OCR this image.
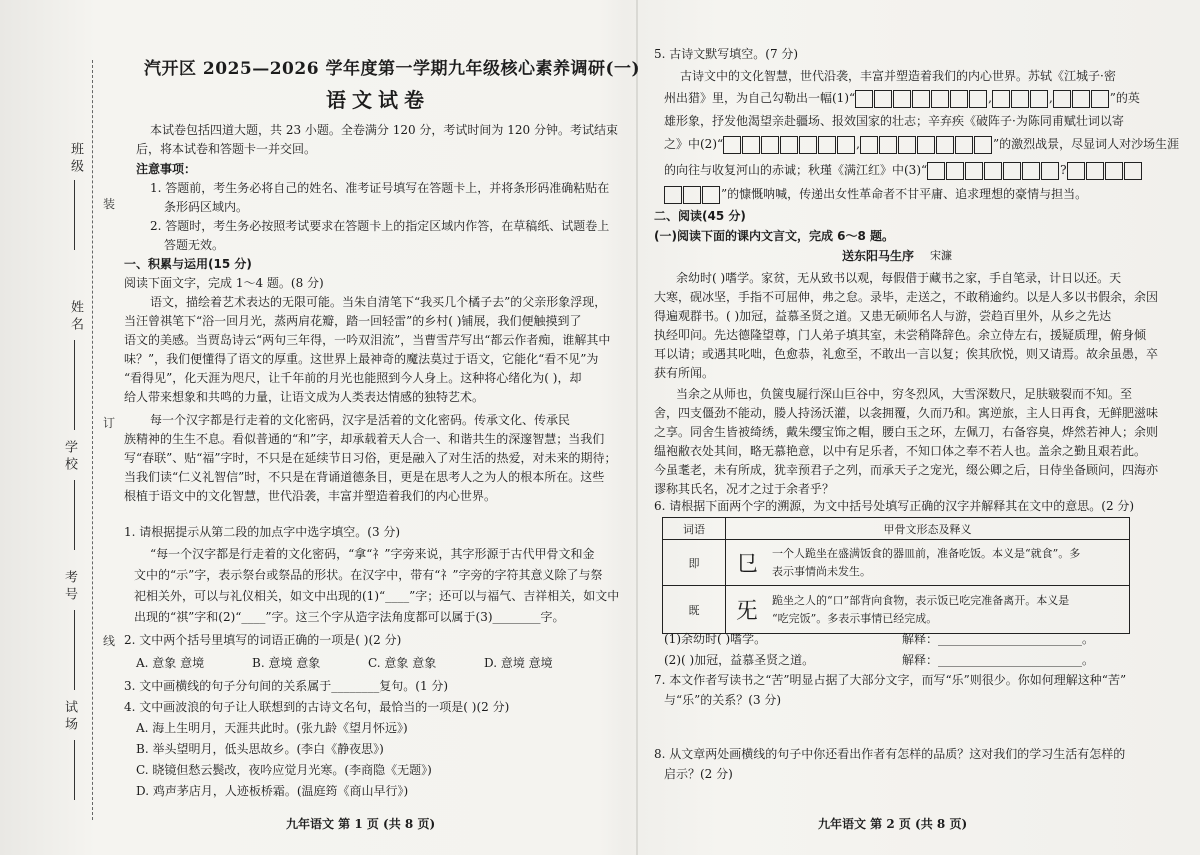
班级
姓名
学校
考号
试场
装
订
线
汽开区 2025—2026 学年度第一学期九年级核心素养调研(一)
语文试卷
本试卷包括四道大题，共 23 小题。全卷满分 120 分，考试时间为 120 分钟。考试结束
后，将本试卷和答题卡一并交回。
注意事项：
1. 答题前，考生务必将自己的姓名、准考证号填写在答题卡上，并将条形码准确粘贴在
条形码区域内。
2. 答题时，考生务必按照考试要求在答题卡上的指定区域内作答，在草稿纸、试题卷上
答题无效。
一、积累与运用(15 分)
阅读下面文字，完成 1～4 题。(8 分)
语文，描绘着艺术表达的无限可能。当朱自清笔下“我买几个橘子去”的父亲形象浮现，
当汪曾祺笔下“浴一回月光，蒸两肩花瓣，踏一回轻雷”的乡村( )铺展，我们便触摸到了
语文的美感。当贾岛诗云“两句三年得，一吟双泪流”，当曹雪芹写出“都云作者痴，谁解其中
味？”，我们便懂得了语文的厚重。这世界上最神奇的魔法莫过于语文，它能化“看不见”为
“看得见”，化天涯为咫尺，让千年前的月光也能照到今人身上。这种将心绪化为( )，却
给人带来想象和共鸣的力量，让语文成为人类表达情感的独特艺术。
每一个汉字都是行走着的文化密码，汉字是活着的文化密码。传承文化、传承民
族精神的生生不息。看似普通的“和”字，却承载着天人合一、和谐共生的深邃智慧；当我们
写“春联”、贴“福”字时，不只是在延续节日习俗，更是融入了对生活的热爱，对未来的期待；
当我们读“仁义礼智信”时，不只是在背诵道德条目，更是在思考人之为人的根本所在。这些
根植于语文中的文化智慧，世代沿袭，丰富并塑造着我们的内心世界。
1. 请根据提示从第二段的加点字中选字填空。(3 分)
“每一个汉字都是行走着的文化密码，“拿“礻”字旁来说，其字形源于古代甲骨文和金
文中的“示”字，表示祭台或祭品的形状。在汉字中，带有“礻”字旁的字符其意义除了与祭
祀相关外，可以与礼仪相关，如文中出现的(1)“____”字；还可以与福气、吉祥相关，如文中
出现的“祺”字和(2)“____”字。这三个字从造字法角度都可以属于(3)________字。
2. 文中两个括号里填写的词语正确的一项是( )(2 分)
A. 意象 意境	B. 意境 意象	C. 意象 意象	D. 意境 意境
3. 文中画横线的句子分句间的关系属于________复句。(1 分)
4. 文中画波浪的句子让人联想到的古诗文名句，最恰当的一项是( )(2 分)
A. 海上生明月，天涯共此时。(张九龄《望月怀远》)
B. 举头望明月，低头思故乡。(李白《静夜思》)
C. 晓镜但愁云鬓改，夜吟应觉月光寒。(李商隐《无题》)
D. 鸡声茅店月，人迹板桥霜。(温庭筠《商山早行》)
九年语文 第 1 页 (共 8 页)
5. 古诗文默写填空。(7 分)
古诗文中的文化智慧，世代沿袭，丰富并塑造着我们的内心世界。苏轼《江城子·密
州出猎》里，为自己勾勒出一幅(1)“	,	,	”的英
雄形象，抒发他渴望亲赴疆场、报效国家的壮志；辛弃疾《破阵子·为陈同甫赋壮词以寄
之》中(2)“	,	”的激烈战景，尽显词人对沙场生涯
的向往与收复河山的赤诚；秋瑾《满江红》中(3)“	?
”的慷慨呐喊，传递出女性革命者不甘平庸、追求理想的豪情与担当。
二、阅读(45 分)
(一)阅读下面的课内文言文，完成 6～8 题。
送东阳马生序 宋濂
余幼时( )嗜学。家贫，无从致书以观，每假借于藏书之家，手自笔录，计日以还。天
大寒，砚冰坚，手指不可屈伸，弗之怠。录毕，走送之，不敢稍逾约。以是人多以书假余，余因
得遍观群书。( )加冠，益慕圣贤之道。又患无硕师名人与游，尝趋百里外，从乡之先达
执经叩问。先达德隆望尊，门人弟子填其室，未尝稍降辞色。余立侍左右，援疑质理，俯身倾
耳以请；或遇其叱咄，色愈恭，礼愈至，不敢出一言以复；俟其欣悦，则又请焉。故余虽愚，卒
获有所闻。
当余之从师也，负箧曳屣行深山巨谷中，穷冬烈风，大雪深数尺，足肤皲裂而不知。至
舍，四支僵劲不能动，媵人持汤沃灌，以衾拥覆，久而乃和。寓逆旅，主人日再食，无鲜肥滋味
之享。同舍生皆被绮绣，戴朱缨宝饰之帽，腰白玉之环，左佩刀，右备容臭，烨然若神人；余则
缊袍敝衣处其间，略无慕艳意，以中有足乐者，不知口体之奉不若人也。盖余之勤且艰若此。
今虽耄老，未有所成，犹幸预君子之列，而承天子之宠光，缀公卿之后，日侍坐备顾问，四海亦
谬称其氏名，况才之过于余者乎？
6. 请根据下面两个字的溯源，为文中括号处填写正确的汉字并解释其在文中的意思。(2 分)
词语	甲骨文形态及释义	
即	㔾	一个人跪坐在盛满饭食的器皿前，准备吃饭。本义是“就食”。多
表示事情尚未发生。

既	旡	跪坐之人的“口”部背向食物，表示饭已吃完准备离开。本义是
“吃完饭”。多表示事情已经完成。
(1)余幼时( )嗜学。	解释：________________________。
(2)( )加冠，益慕圣贤之道。	解释：________________________。
7. 本文作者写读书之“苦”明显占据了大部分文字，而写“乐”则很少。你如何理解这种“苦”
与“乐”的关系？(3 分)
8. 从文章两处画横线的句子中你还看出作者有怎样的品质？这对我们的学习生活有怎样的
启示？(2 分)
九年语文 第 2 页 (共 8 页)
